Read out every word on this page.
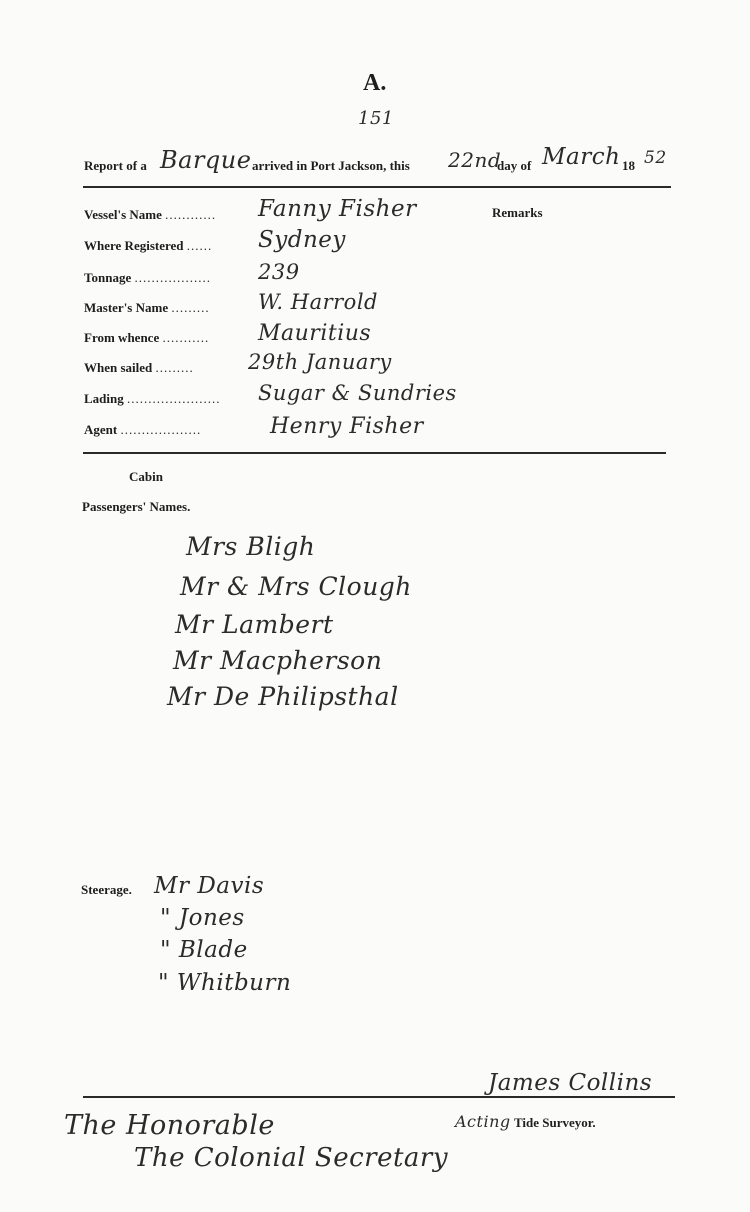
A.
151
Report of a Barque arrived in Port Jackson, this 22nd
day of March 18 52
Remarks
Vessel's Name ............ Fanny Fisher
Where Registered ...... Sydney
Tonnage .................. 239
Master's Name ......... W. Harrold
From whence ........... Mauritius
When sailed .........	29th January
Lading ...................... Sugar & Sundries
Agent ...................	Henry Fisher
Cabin
Passengers' Names.
Mrs Bligh
Mr & Mrs Clough
Mr Lambert
Mr Macpherson
Mr De Philipsthal
Steerage. Mr Davis
" Jones
" Blade
" Whitburn
James Collins
Acting Tide Surveyor.
The Honorable
The Colonial Secretary
